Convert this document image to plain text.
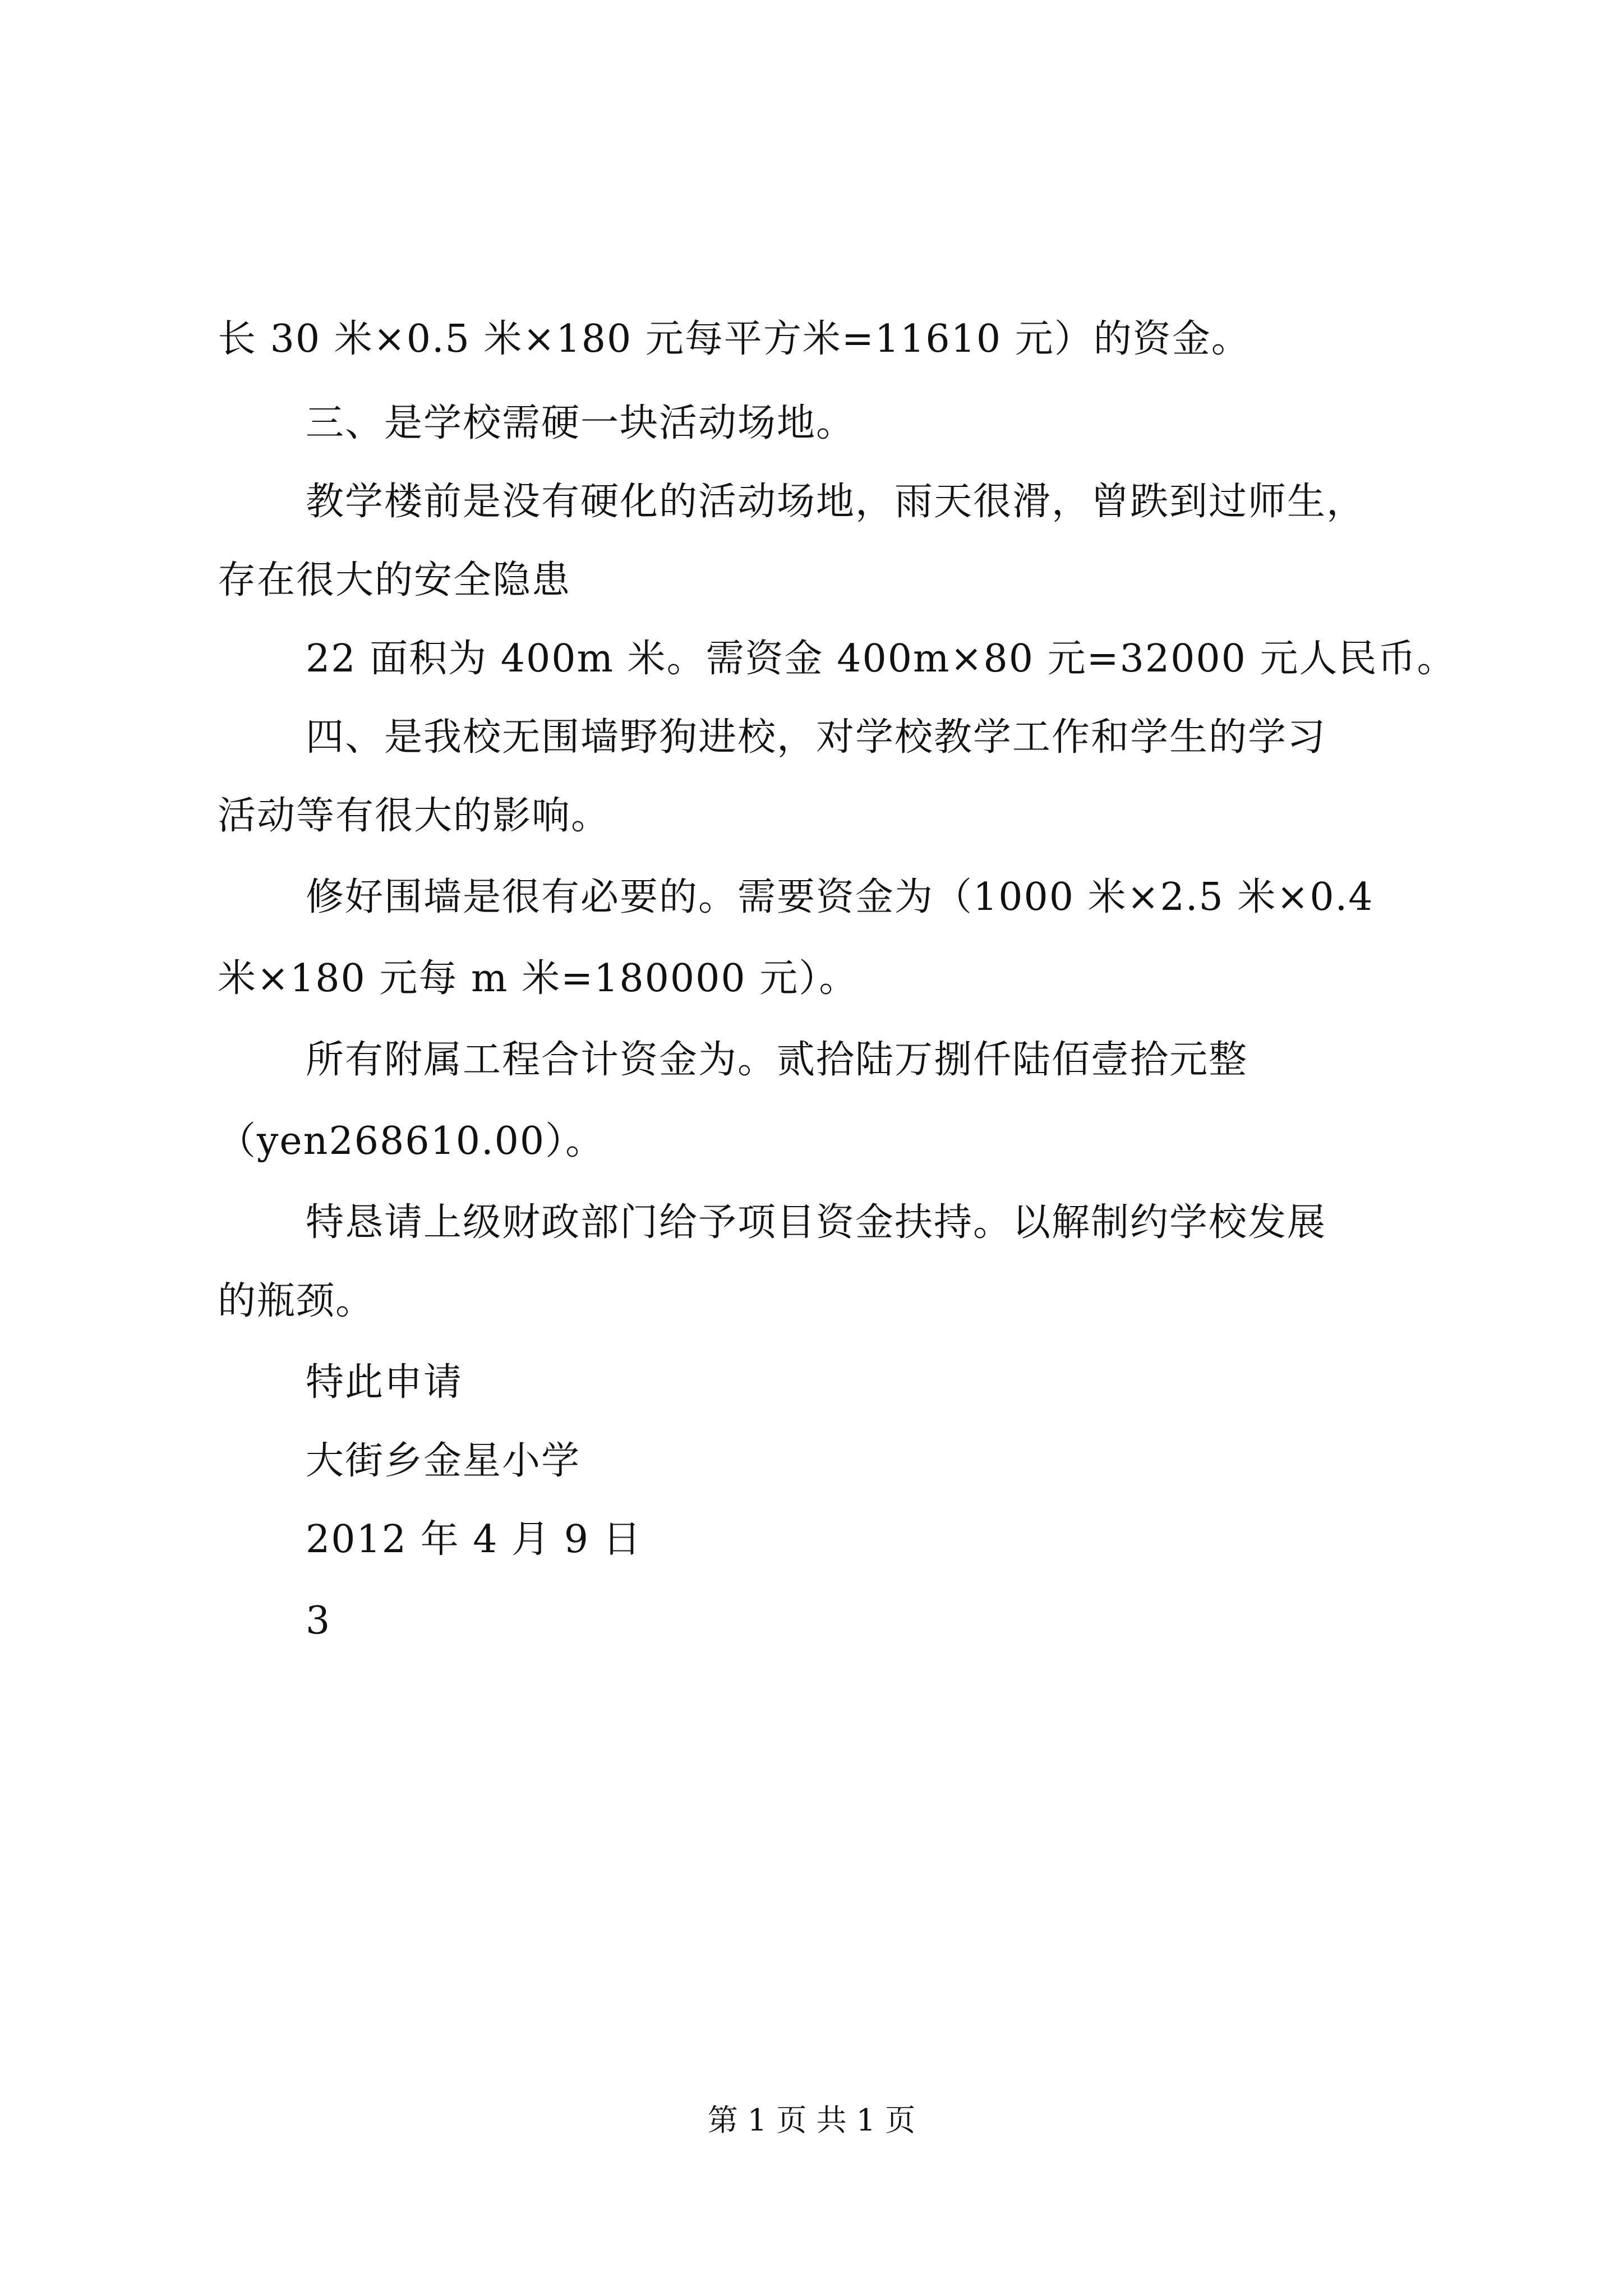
长 30 米×0.5 米×180 元每平方米=11610 元）的资金。
三、是学校需硬一块活动场地。
教学楼前是没有硬化的活动场地，雨天很滑，曾跌到过师生，
存在很大的安全隐患
22 面积为 400m 米。需资金 400m×80 元=32000 元人民币。
四、是我校无围墙野狗进校，对学校教学工作和学生的学习
活动等有很大的影响。
修好围墙是很有必要的。需要资金为（1000 米×2.5 米×0.4
米×180 元每 m 米=180000 元）。
所有附属工程合计资金为。贰拾陆万捌仟陆佰壹拾元整
（yen268610.00）。
特恳请上级财政部门给予项目资金扶持。以解制约学校发展
的瓶颈。
特此申请
大街乡金星小学
2012 年 4 月 9 日
3
第 1 页 共 1 页
